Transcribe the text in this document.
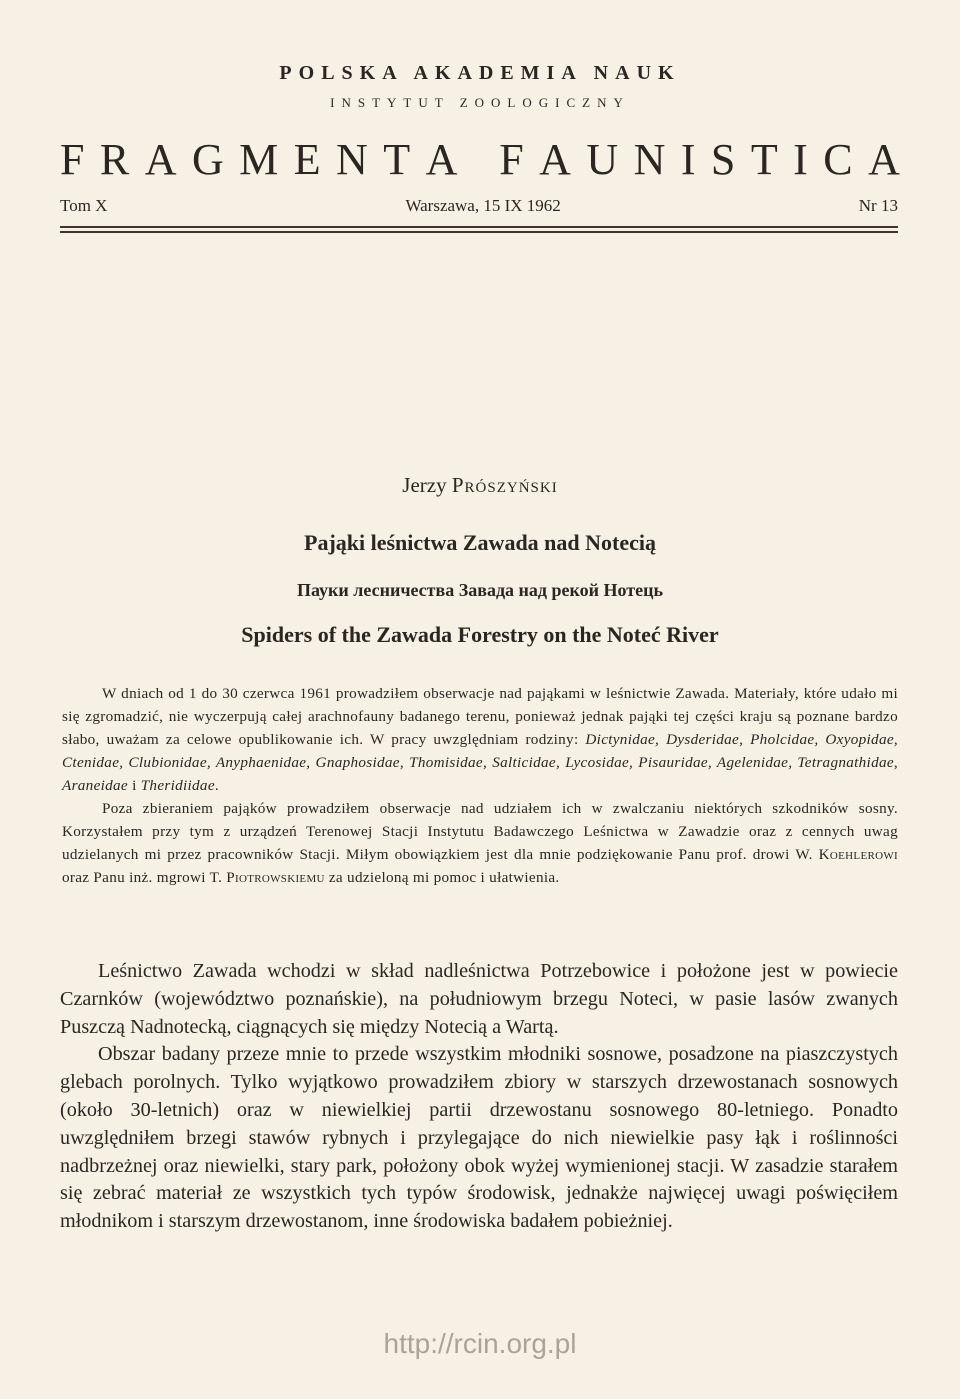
POLSKA AKADEMIA NAUK
INSTYTUT ZOOLOGICZNY
F R A G M E N T A
F A U N I S T I C A
Tom X	Warszawa, 15 IX 1962	Nr 13
Jerzy Prószyński
Pająki leśnictwa Zawada nad Notecią
Пауки лесничества Завада над рекой Нотець
Spiders of the Zawada Forestry on the Noteć River

W dniach od 1 do 30 czerwca 1961 prowadziłem obserwacje nad pająkami w leśnictwie Zawada. Materiały, które udało mi się zgromadzić, nie wyczerpują całej arachnofauny badanego terenu, ponieważ jednak pająki tej części kraju są poznane bardzo słabo, uważam za celowe opublikowanie ich. W pracy uwzględniam rodziny: Dictynidae, Dysderidae, Pholcidae, Oxyopidae, Ctenidae, Clubionidae, Anyphaenidae, Gnaphosidae, Thomisidae, Salticidae, Lycosidae, Pisauridae, Agelenidae, Tetragnathidae, Araneidae i Theridiidae.

Poza zbieraniem pająków prowadziłem obserwacje nad udziałem ich w zwalczaniu niektórych szkodników sosny. Korzystałem przy tym z urządzeń Terenowej Stacji Instytutu Badawczego Leśnictwa w Zawadzie oraz z cennych uwag udzielanych mi przez pracowników Stacji. Miłym obowiązkiem jest dla mnie podziękowanie Panu prof. drowi W. Koehlerowi oraz Panu inż. mgrowi T. Piotrowskiemu za udzieloną mi pomoc i ułatwienia.

Leśnictwo Zawada wchodzi w skład nadleśnictwa Potrzebowice i położone jest w powiecie Czarnków (województwo poznańskie), na południowym brzegu Noteci, w pasie lasów zwanych Puszczą Nadnotecką, ciągnących się między Notecią a Wartą.

Obszar badany przeze mnie to przede wszystkim młodniki sosnowe, posadzone na piaszczystych glebach porolnych. Tylko wyjątkowo prowadziłem zbiory w starszych drzewostanach sosnowych (około 30-letnich) oraz w niewielkiej partii drzewostanu sosnowego 80-letniego. Ponadto uwzględniłem brzegi stawów rybnych i przylegające do nich niewielkie pasy łąk i roślinności nadbrzeżnej oraz niewielki, stary park, położony obok wyżej wymienionej stacji. W zasadzie starałem się zebrać materiał ze wszystkich tych typów środowisk, jednakże najwięcej uwagi poświęciłem młodnikom i starszym drzewostanom, inne środowiska badałem pobieżniej.

http://rcin.org.pl
